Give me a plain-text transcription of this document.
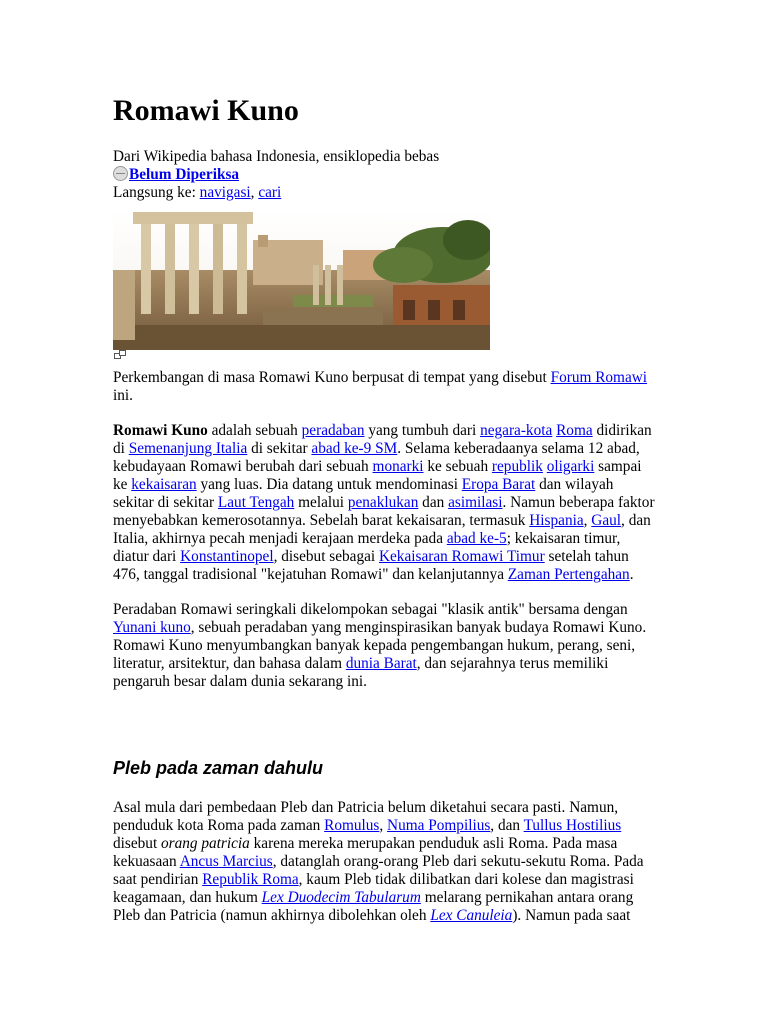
Romawi Kuno
Dari Wikipedia bahasa Indonesia, ensiklopedia bebas
Belum Diperiksa
Langsung ke: navigasi, cari
Perkembangan di masa Romawi Kuno berpusat di tempat yang disebut Forum Romawi ini.
Romawi Kuno adalah sebuah peradaban yang tumbuh dari negara-kota Roma didirikan di Semenanjung Italia di sekitar abad ke-9 SM. Selama keberadaanya selama 12 abad, kebudayaan Romawi berubah dari sebuah monarki ke sebuah republik oligarki sampai ke kekaisaran yang luas. Dia datang untuk mendominasi Eropa Barat dan wilayah sekitar di sekitar Laut Tengah melalui penaklukan dan asimilasi. Namun beberapa faktor menyebabkan kemerosotannya. Sebelah barat kekaisaran, termasuk Hispania, Gaul, dan Italia, akhirnya pecah menjadi kerajaan merdeka pada abad ke-5; kekaisaran timur, diatur dari Konstantinopel, disebut sebagai Kekaisaran Romawi Timur setelah tahun 476, tanggal tradisional "kejatuhan Romawi" dan kelanjutannya Zaman Pertengahan.
Peradaban Romawi seringkali dikelompokan sebagai "klasik antik" bersama dengan Yunani kuno, sebuah peradaban yang menginspirasikan banyak budaya Romawi Kuno. Romawi Kuno menyumbangkan banyak kepada pengembangan hukum, perang, seni, literatur, arsitektur, dan bahasa dalam dunia Barat, dan sejarahnya terus memiliki pengaruh besar dalam dunia sekarang ini.
Pleb pada zaman dahulu
Asal mula dari pembedaan Pleb dan Patricia belum diketahui secara pasti. Namun, penduduk kota Roma pada zaman Romulus, Numa Pompilius, dan Tullus Hostilius disebut orang patricia karena mereka merupakan penduduk asli Roma. Pada masa kekuasaan Ancus Marcius, datanglah orang-orang Pleb dari sekutu-sekutu Roma. Pada saat pendirian Republik Roma, kaum Pleb tidak dilibatkan dari kolese dan magistrasi keagamaan, dan hukum Lex Duodecim Tabularum melarang pernikahan antara orang Pleb dan Patricia (namun akhirnya dibolehkan oleh Lex Canuleia). Namun pada saat
